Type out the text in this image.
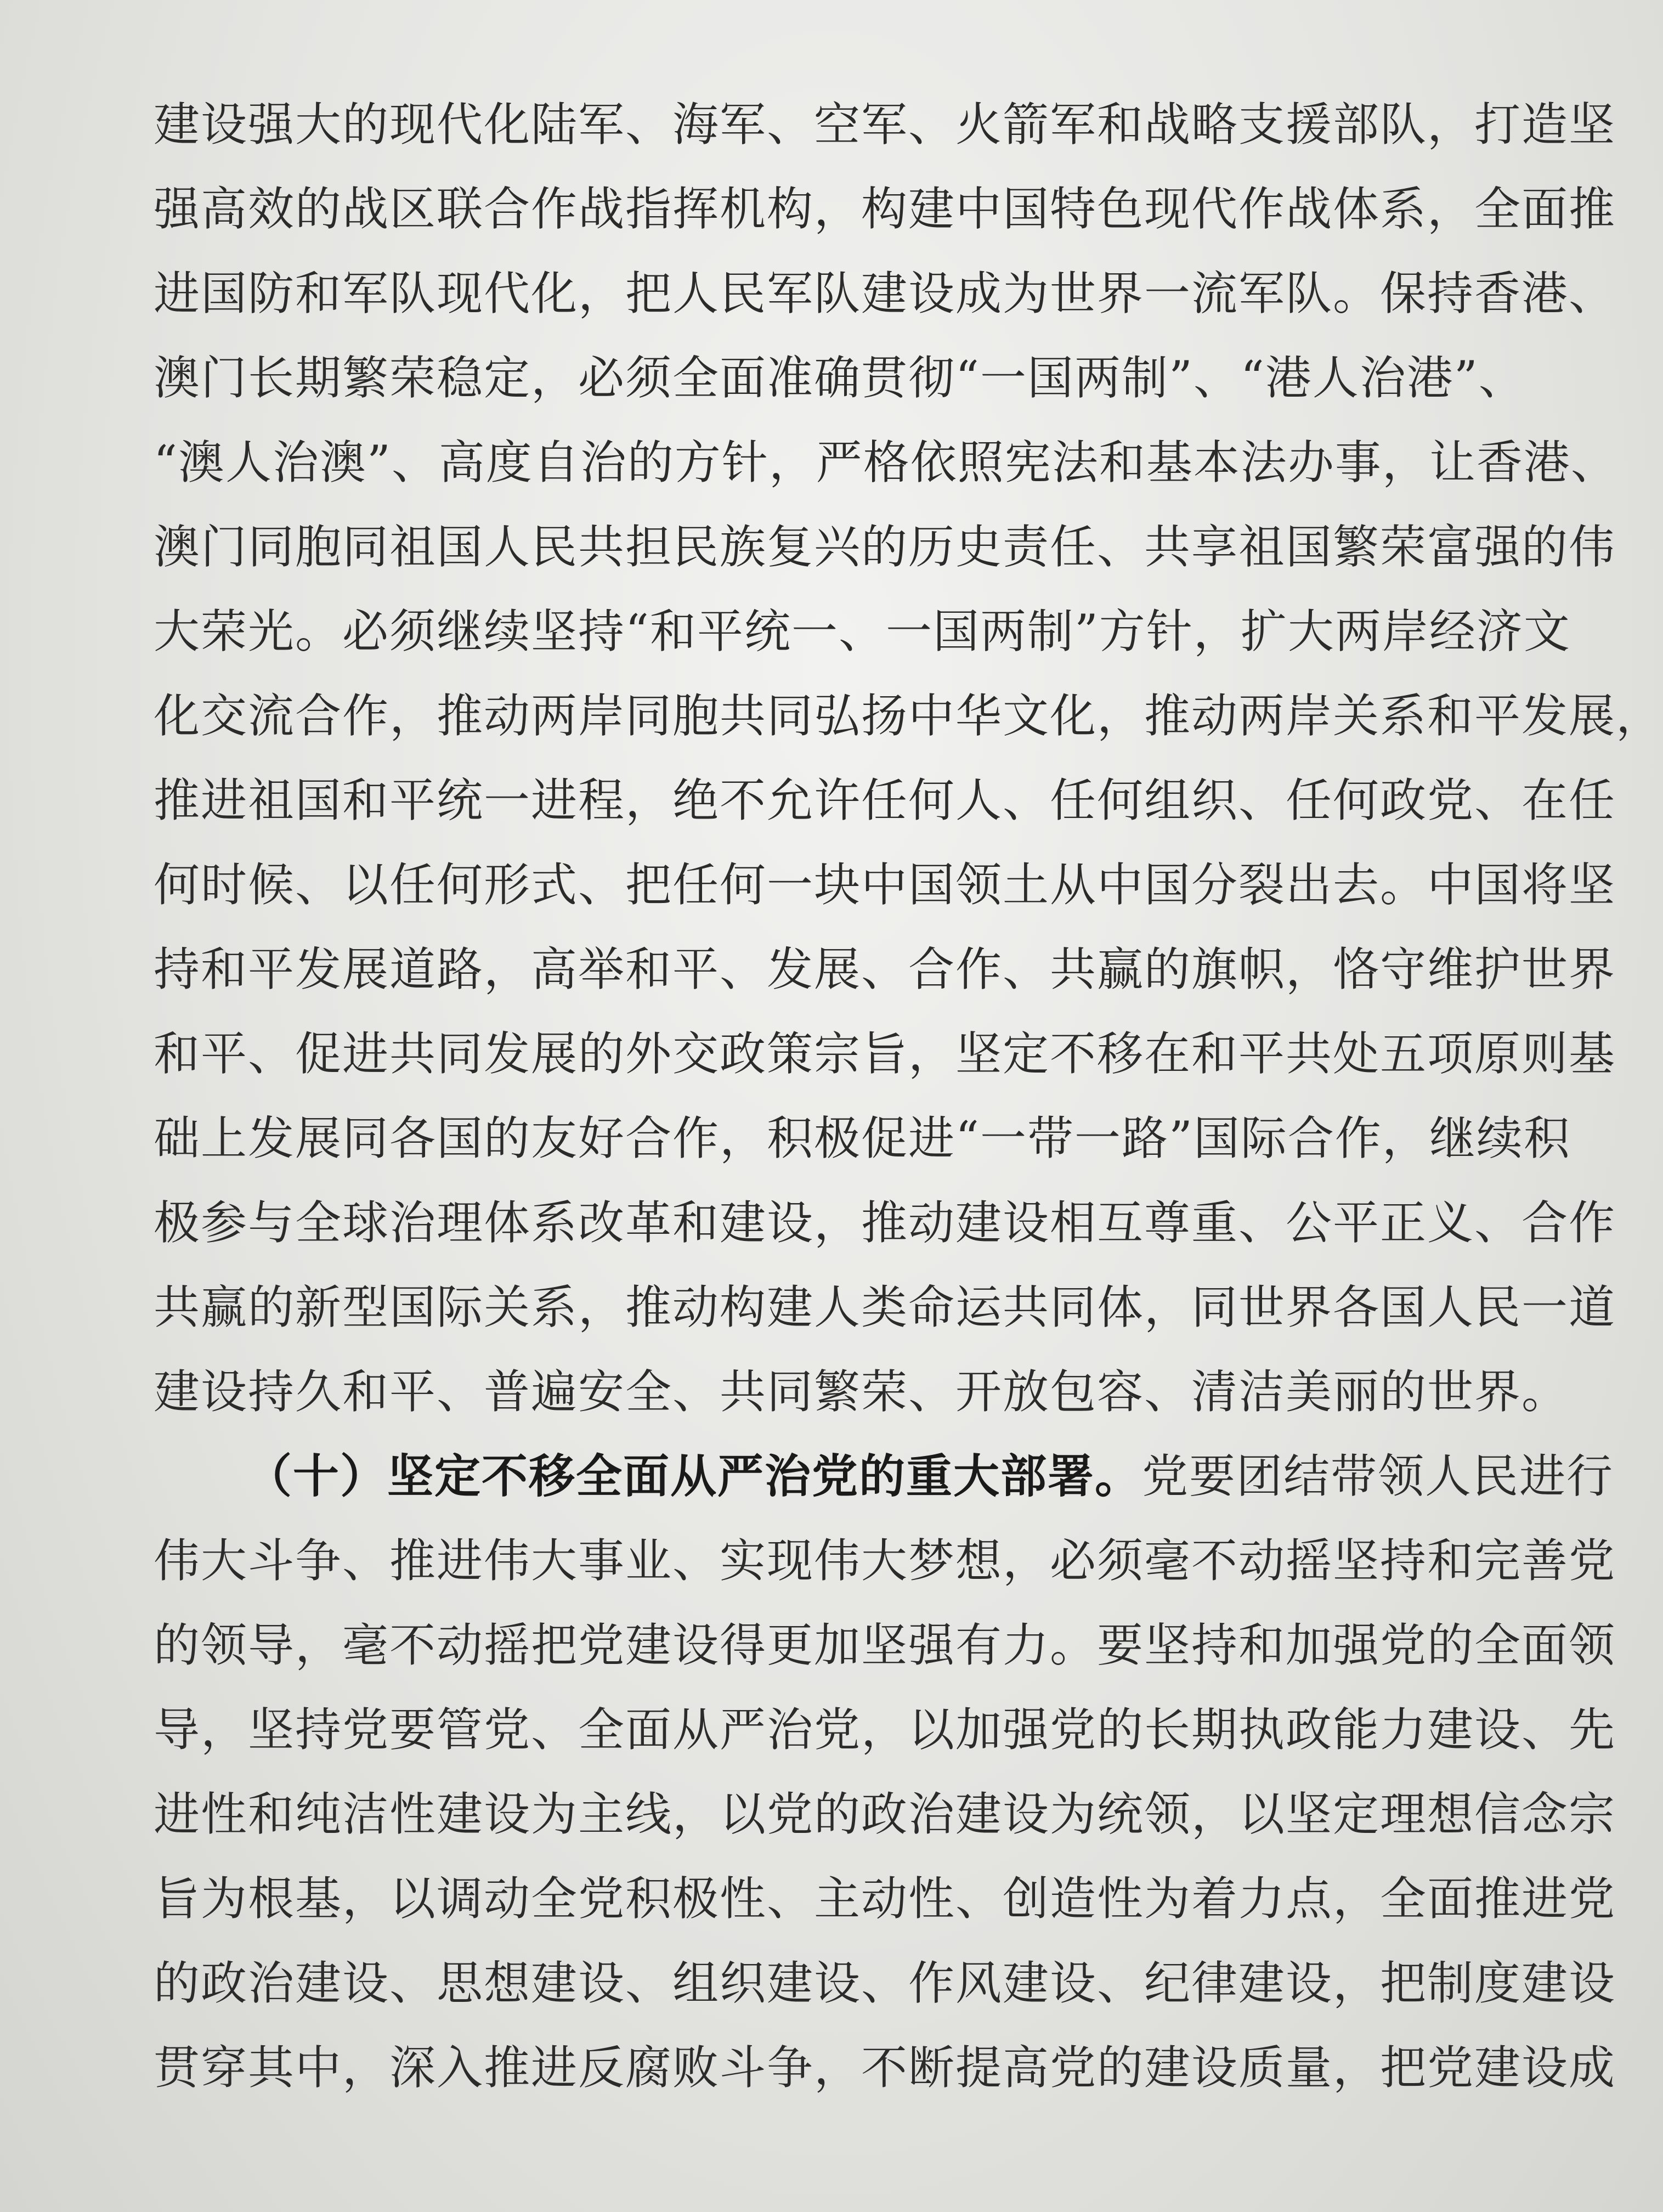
建设强大的现代化陆军、海军、空军、火箭军和战略支援部队，打造坚
强高效的战区联合作战指挥机构，构建中国特色现代作战体系，全面推
进国防和军队现代化，把人民军队建设成为世界一流军队。保持香港、
澳门长期繁荣稳定，必须全面准确贯彻“一国两制”、“港人治港”、
“澳人治澳”、高度自治的方针，严格依照宪法和基本法办事，让香港、
澳门同胞同祖国人民共担民族复兴的历史责任、共享祖国繁荣富强的伟
大荣光。必须继续坚持“和平统一、一国两制”方针，扩大两岸经济文
化交流合作，推动两岸同胞共同弘扬中华文化，推动两岸关系和平发展，
推进祖国和平统一进程，绝不允许任何人、任何组织、任何政党、在任
何时候、以任何形式、把任何一块中国领土从中国分裂出去。中国将坚
持和平发展道路，高举和平、发展、合作、共赢的旗帜，恪守维护世界
和平、促进共同发展的外交政策宗旨，坚定不移在和平共处五项原则基
础上发展同各国的友好合作，积极促进“一带一路”国际合作，继续积
极参与全球治理体系改革和建设，推动建设相互尊重、公平正义、合作
共赢的新型国际关系，推动构建人类命运共同体，同世界各国人民一道
建设持久和平、普遍安全、共同繁荣、开放包容、清洁美丽的世界。
（十）坚定不移全面从严治党的重大部署。党要团结带领人民进行
伟大斗争、推进伟大事业、实现伟大梦想，必须毫不动摇坚持和完善党
的领导，毫不动摇把党建设得更加坚强有力。要坚持和加强党的全面领
导，坚持党要管党、全面从严治党，以加强党的长期执政能力建设、先
进性和纯洁性建设为主线，以党的政治建设为统领，以坚定理想信念宗
旨为根基，以调动全党积极性、主动性、创造性为着力点，全面推进党
的政治建设、思想建设、组织建设、作风建设、纪律建设，把制度建设
贯穿其中，深入推进反腐败斗争，不断提高党的建设质量，把党建设成
